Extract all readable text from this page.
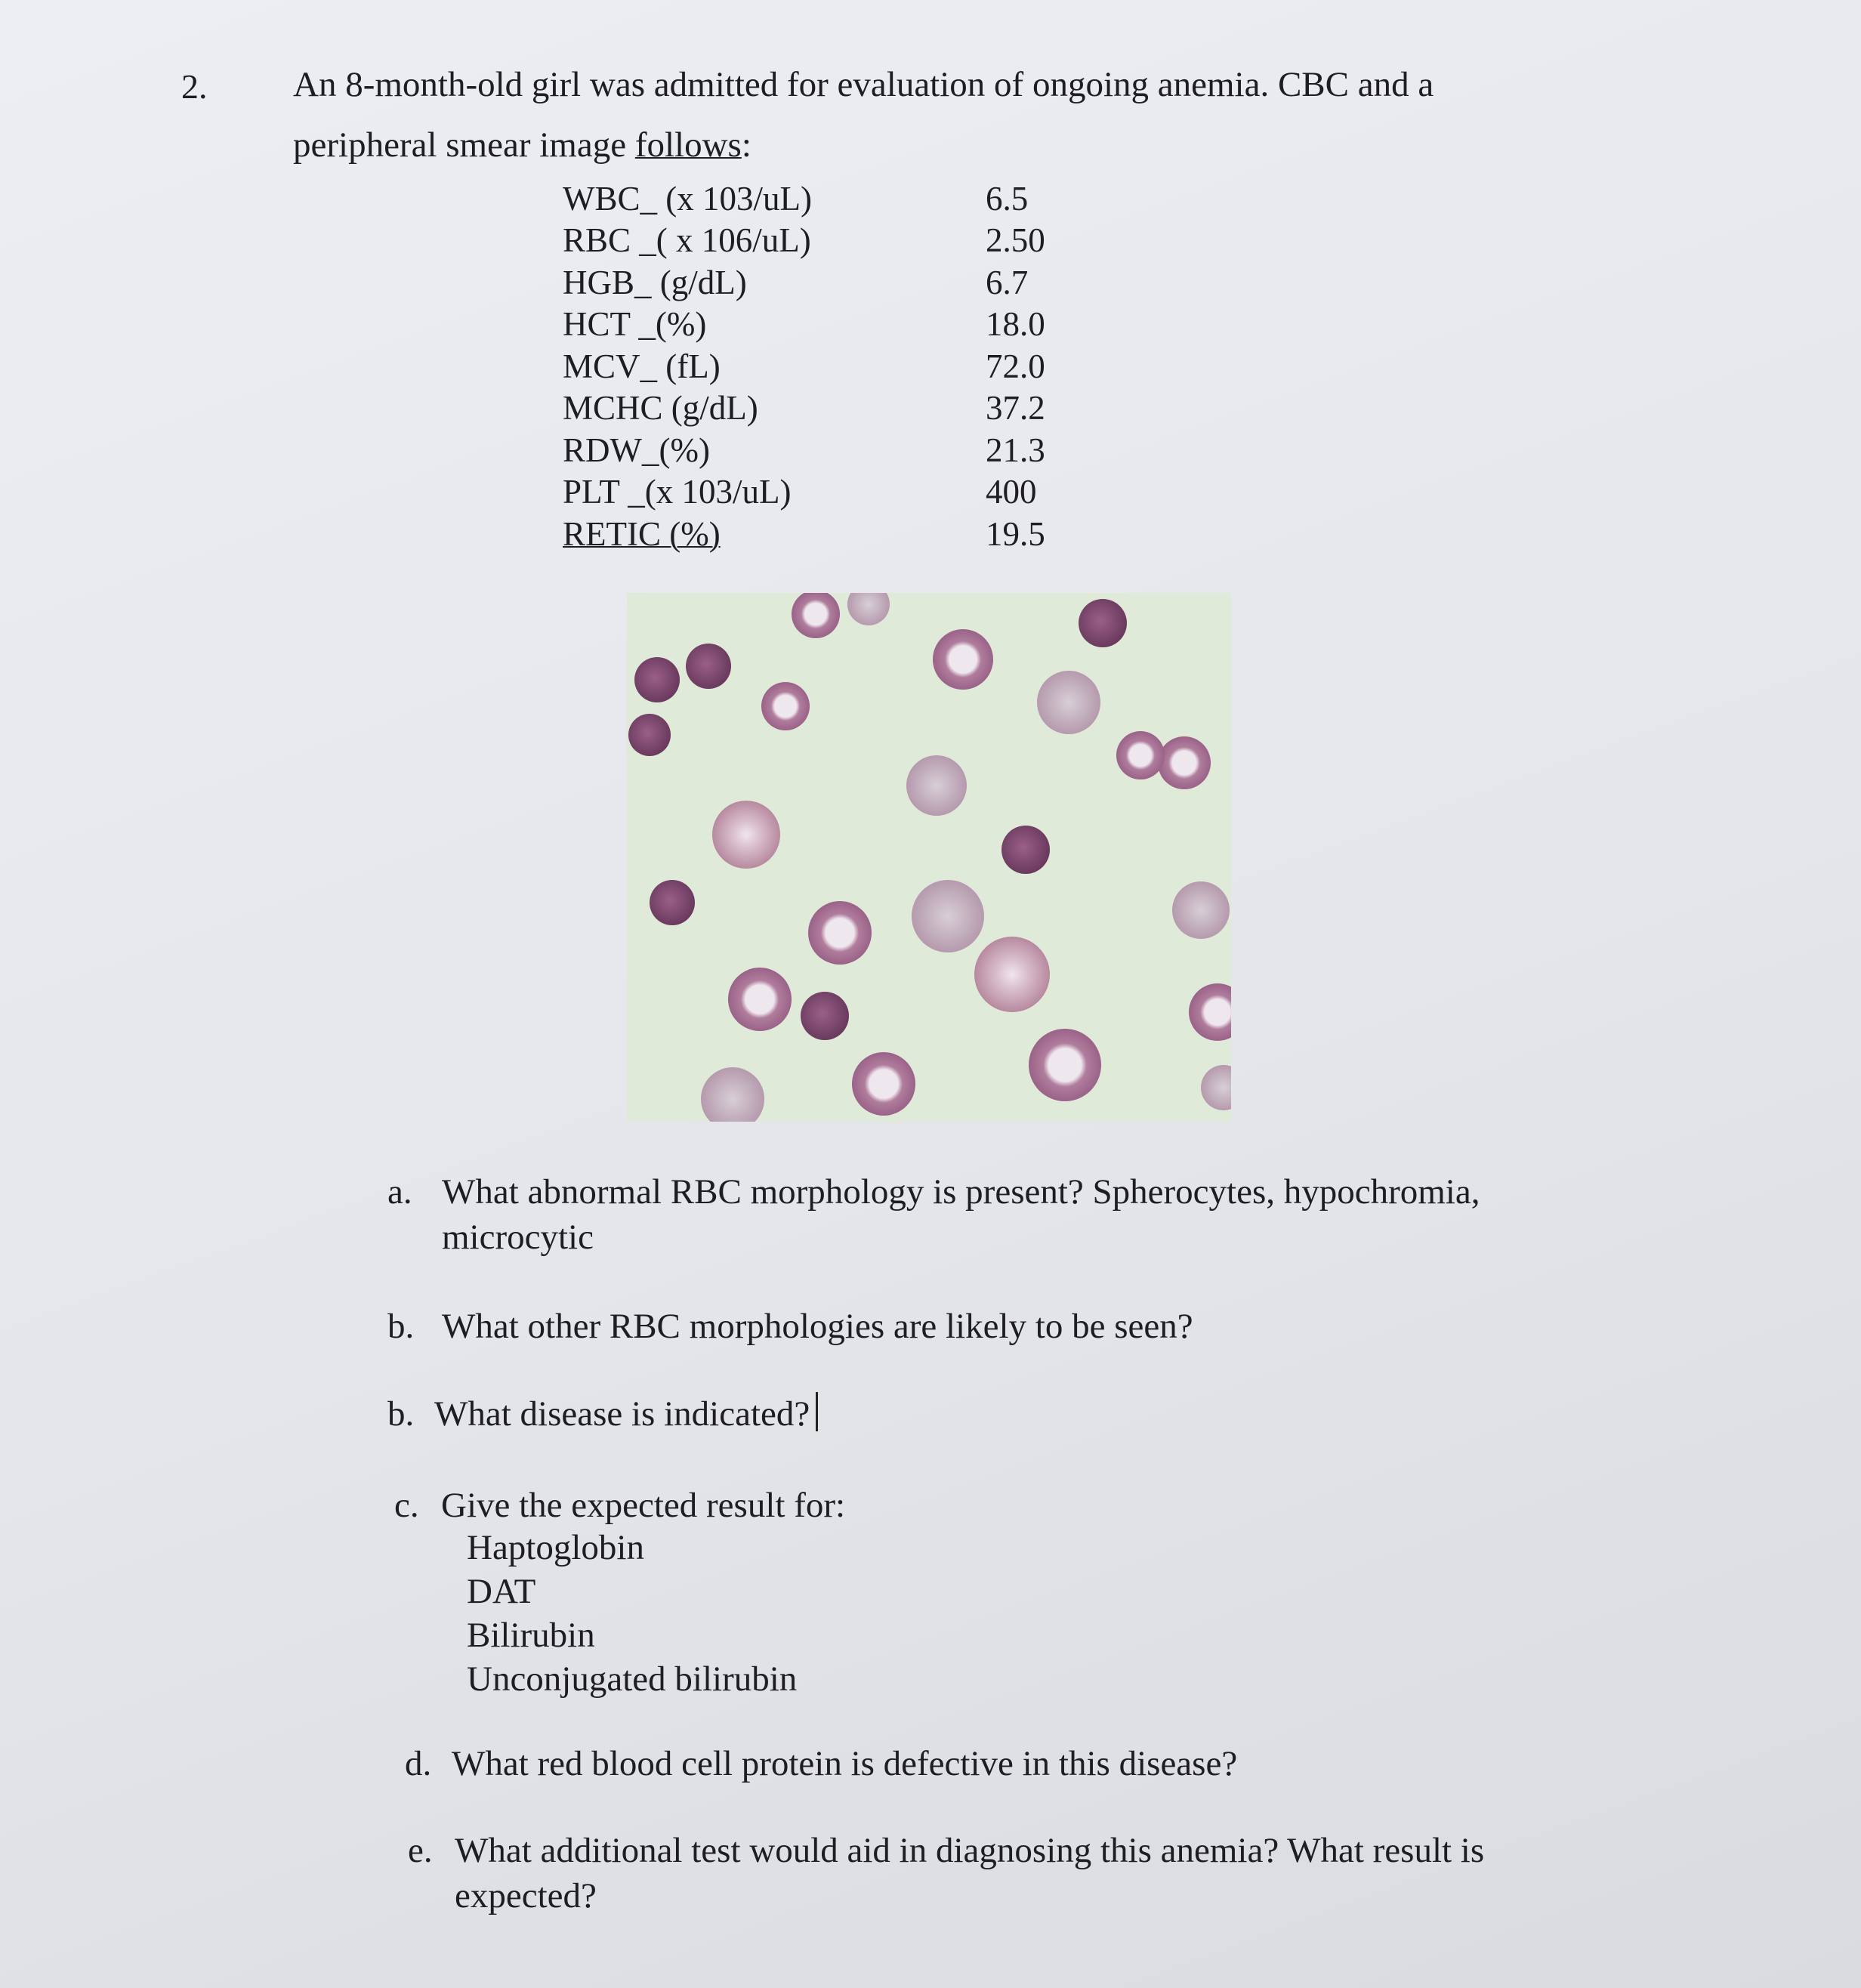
2. An 8-month-old girl was admitted for evaluation of ongoing anemia. CBC and a
peripheral smear image follows:
WBC_ (x 103/uL)	6.5
RBC _( x 106/uL)	2.50
HGB_ (g/dL)	6.7
HCT _(%)	18.0
MCV_ (fL)	72.0
MCHC (g/dL)	37.2
RDW_(%)	21.3
PLT _(x 103/uL)	400
RETIC (%)	19.5
a. What abnormal RBC morphology is present? Spherocytes, hypochromia,
microcytic
b. What other RBC morphologies are likely to be seen?
b. What disease is indicated?
c. Give the expected result for:
Haptoglobin
DAT
Bilirubin
Unconjugated bilirubin
d. What red blood cell protein is defective in this disease?
e. What additional test would aid in diagnosing this anemia? What result is
expected?
